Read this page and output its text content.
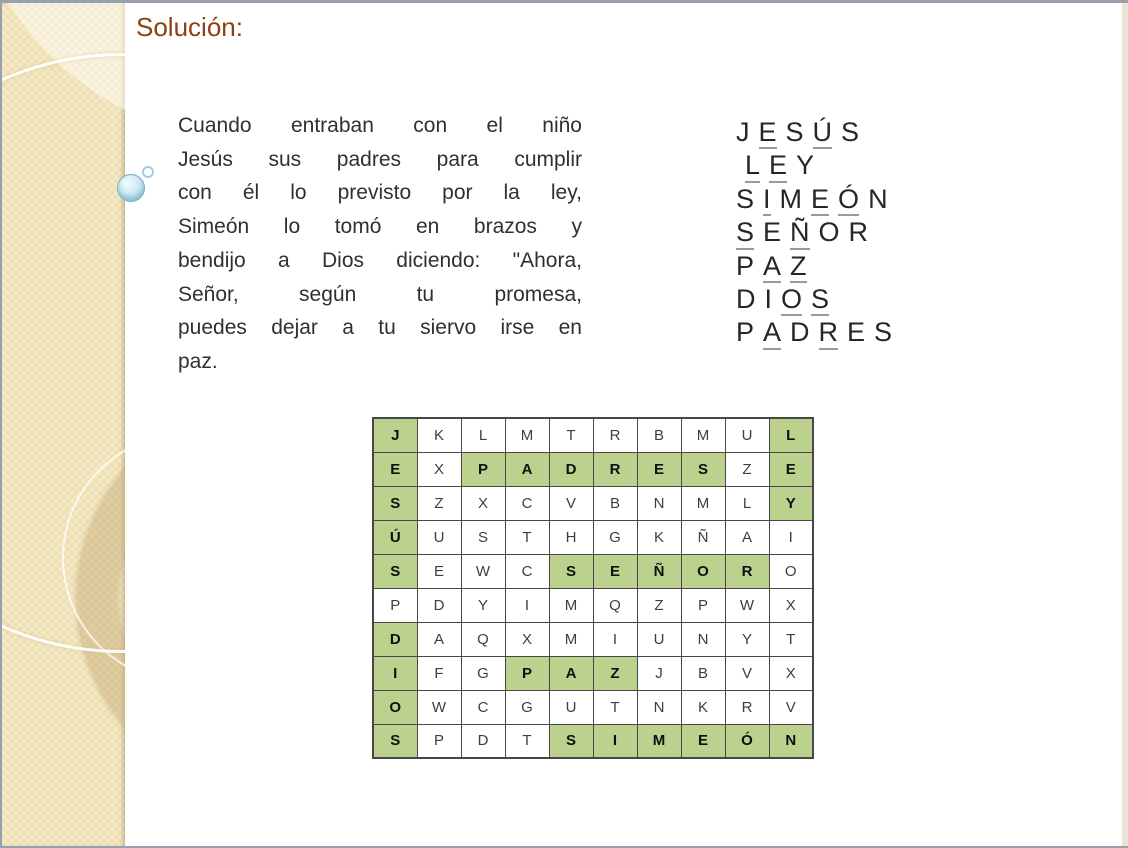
Solución:
Cuando entraban con el niño
Jesús sus padres para cumplir
con él lo previsto por la ley,
Simeón lo tomó en brazos y
bendijo a Dios diciendo: "Ahora,
Señor, según tu promesa,
puedes dejar a tu siervo irse en
paz.
J E S Ú S
L E Y
S I M E Ó N
S E Ñ O R
P A Z
D I O S
P A D R E S
J	K	L	M	T	R	B	M	U	L
E	X	P	A	D	R	E	S	Z	E
S	Z	X	C	V	B	N	M	L	Y
Ú	U	S	T	H	G	K	Ñ	A	I
S	E	W	C	S	E	Ñ	O	R	O
P	D	Y	I	M	Q	Z	P	W	X
D	A	Q	X	M	I	U	N	Y	T
I	F	G	P	A	Z	J	B	V	X
O	W	C	G	U	T	N	K	R	V
S	P	D	T	S	I	M	E	Ó	N
